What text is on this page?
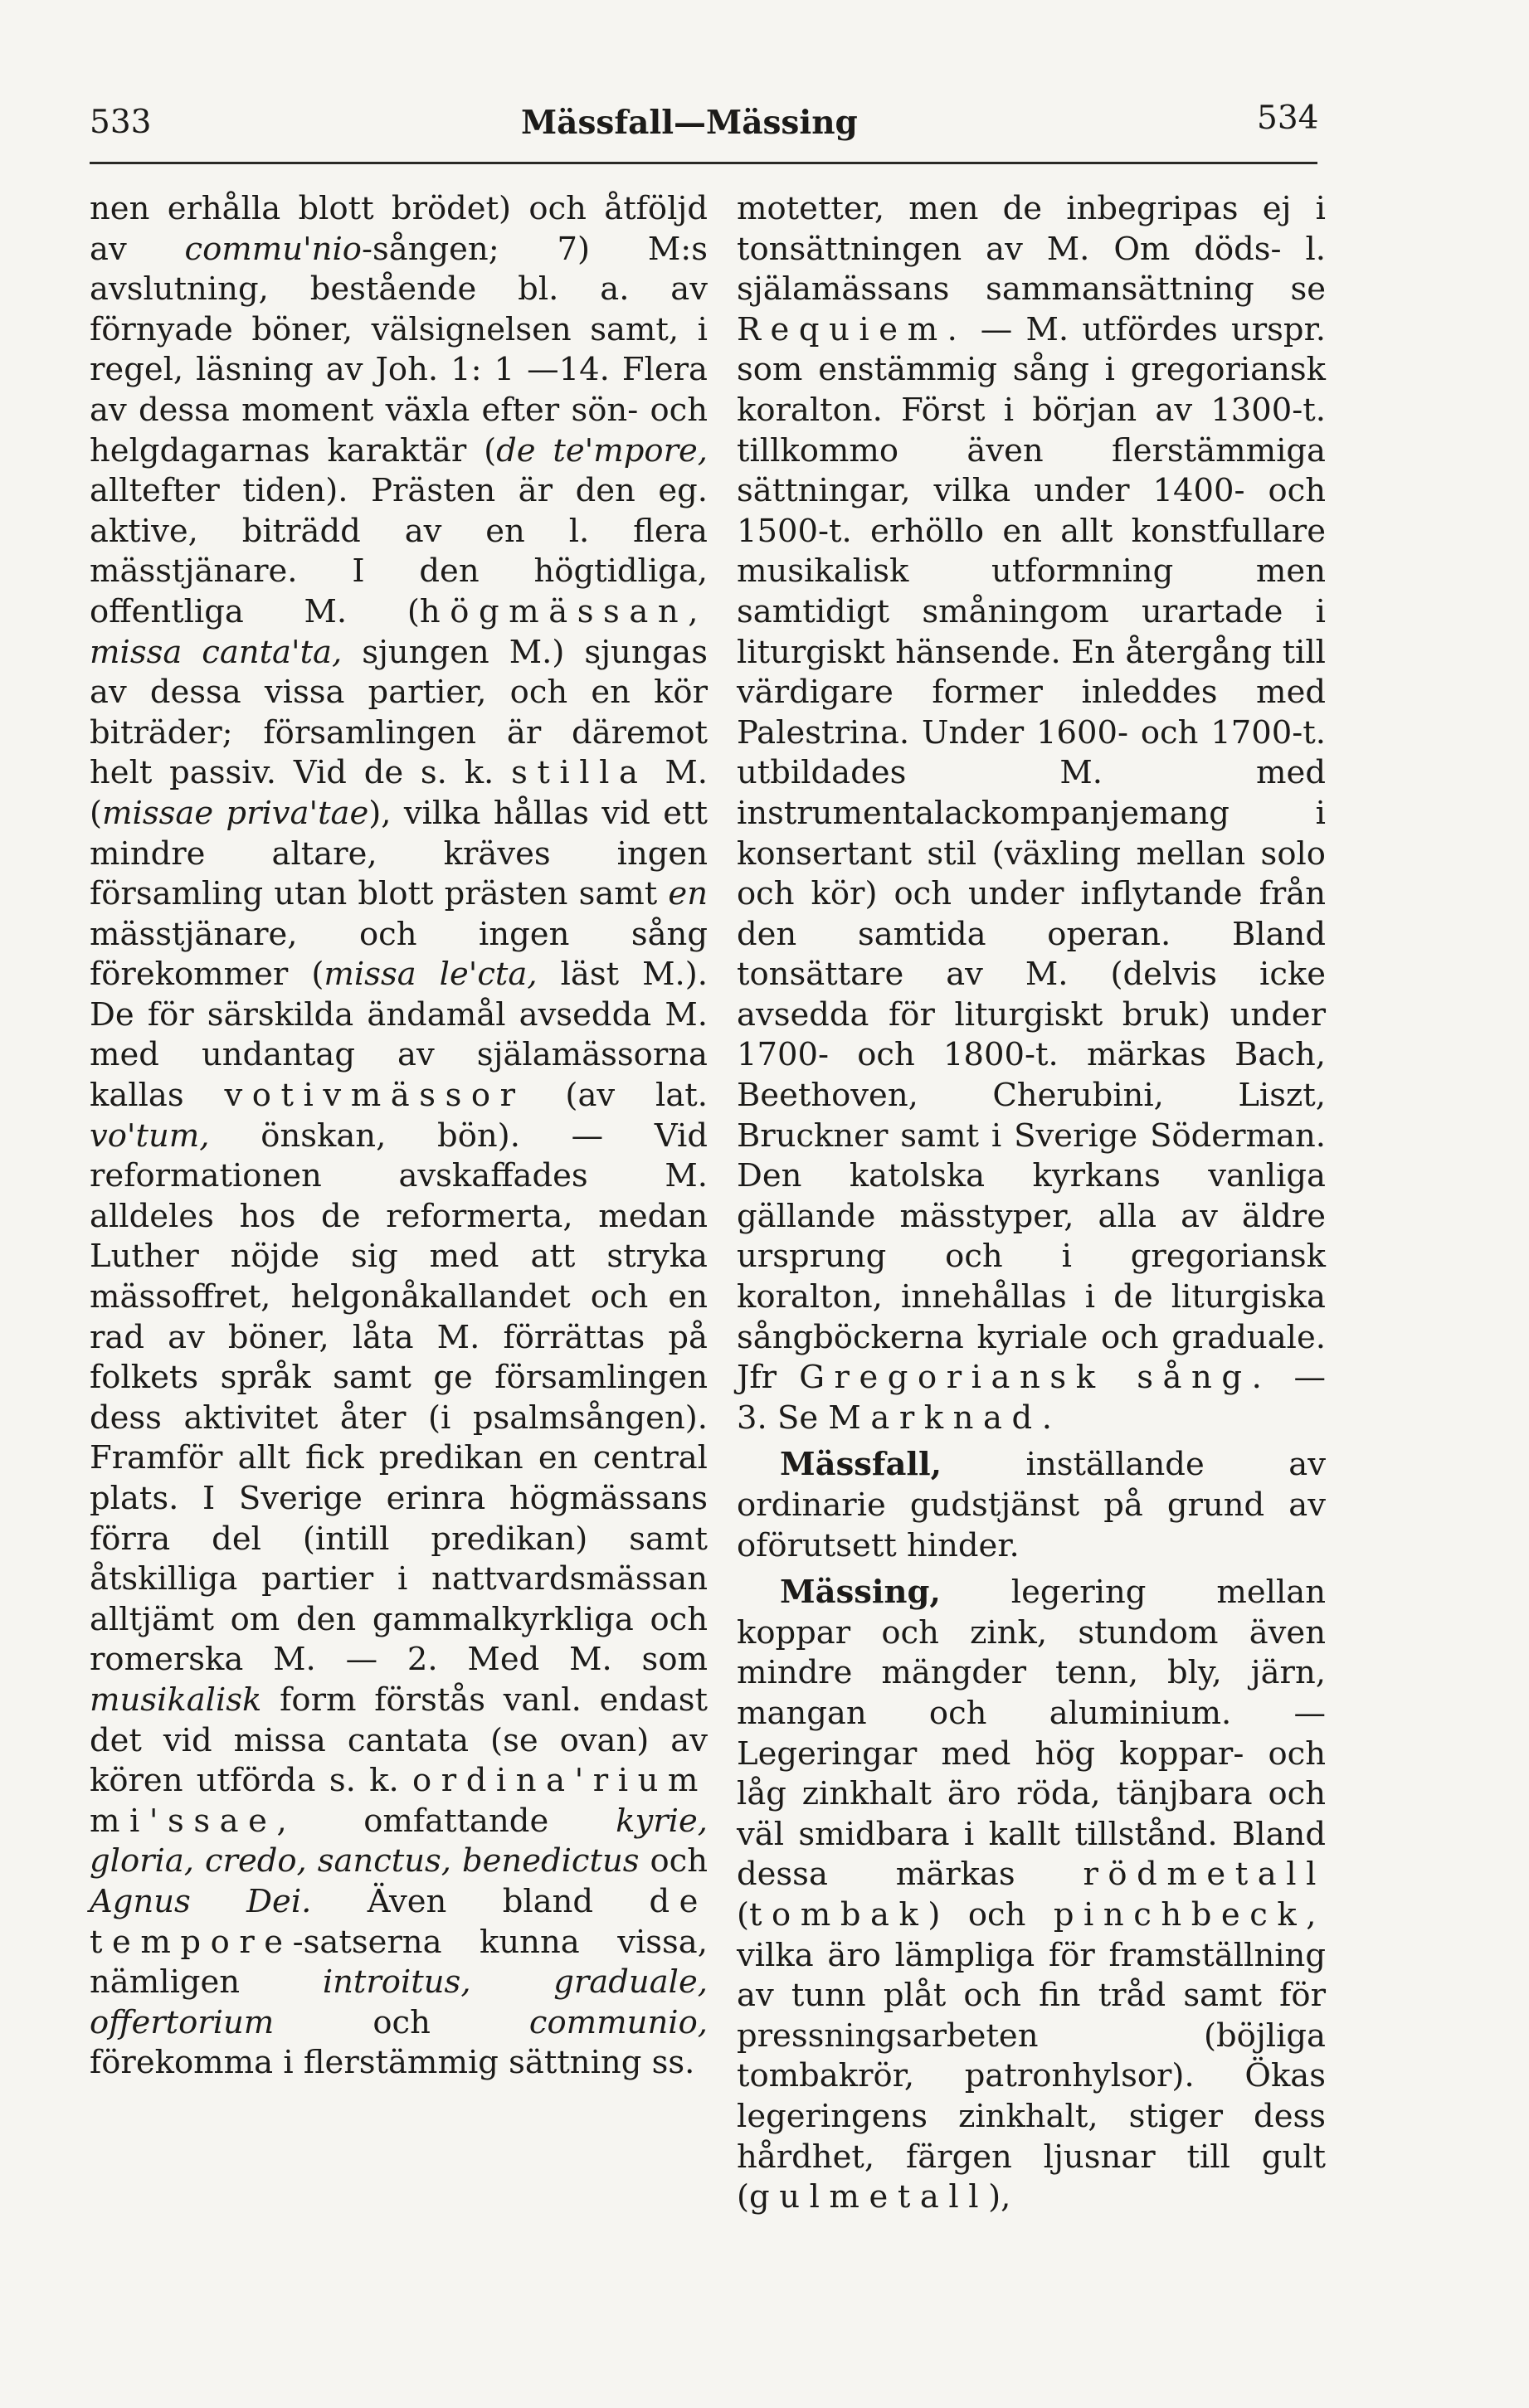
533	Mässfall—Mässing	534

nen erhålla blott brödet) och åtföljd av commu'nio-sången; 7) M:s avslutning, bestående bl. a. av förnyade böner, välsignelsen samt, i regel, läsning av Joh. 1: 1 —14. Flera av dessa moment växla efter sön- och helgdagarnas karaktär (de te'mpore, alltefter tiden). Prästen är den eg. aktive, biträdd av en l. flera mässtjänare. I den högtidliga, offentliga M. (högmässan, missa canta'ta, sjungen M.) sjungas av dessa vissa partier, och en kör biträder; församlingen är däremot helt passiv. Vid de s. k. stilla M. (missae priva'tae), vilka hållas vid ett mindre altare, kräves ingen församling utan blott prästen samt en mässtjänare, och ingen sång förekommer (missa le'cta, läst M.). De för särskilda ändamål avsedda M. med undantag av själamässorna kallas votivmässor (av lat. vo'tum, önskan, bön). — Vid reformationen avskaffades M. alldeles hos de reformerta, medan Luther nöjde sig med att stryka mässoffret, helgonåkallandet och en rad av böner, låta M. förrättas på folkets språk samt ge församlingen dess aktivitet åter (i psalmsången). Framför allt fick predikan en central plats. I Sverige erinra högmässans förra del (intill predikan) samt åtskilliga partier i nattvardsmässan alltjämt om den gammalkyrkliga och romerska M. — 2. Med M. som musikalisk form förstås vanl. endast det vid missa cantata (se ovan) av kören utförda s. k. ordina'rium mi'ssae, omfattande kyrie, gloria, credo, sanctus, benedictus och Agnus Dei. Även bland de tempore-satserna kunna vissa, nämligen introitus, graduale, offertorium och communio, förekomma i flerstämmig sättning ss.

motetter, men de inbegripas ej i tonsättningen av M. Om döds- l. själamässans sammansättning se Requiem. — M. utfördes urspr. som enstämmig sång i gregoriansk koralton. Först i början av 1300-t. tillkommo även flerstämmiga sättningar, vilka under 1400- och 1500-t. erhöllo en allt konstfullare musikalisk utformning men samtidigt småningom urartade i liturgiskt hänsende. En återgång till värdigare former inleddes med Palestrina. Under 1600- och 1700-t. utbildades M. med instrumentalackompanjemang i konsertant stil (växling mellan solo och kör) och under inflytande från den samtida operan. Bland tonsättare av M. (delvis icke avsedda för liturgiskt bruk) under 1700- och 1800-t. märkas Bach, Beethoven, Cherubini, Liszt, Bruckner samt i Sverige Söderman. Den katolska kyrkans vanliga gällande mässtyper, alla av äldre ursprung och i gregoriansk koralton, innehållas i de liturgiska sångböckerna kyriale och graduale. Jfr Gregoriansk sång. — 3. Se Marknad.

Mässfall, inställande av ordinarie gudstjänst på grund av oförutsett hinder.

Mässing, legering mellan koppar och zink, stundom även mindre mängder tenn, bly, järn, mangan och aluminium. — Legeringar med hög koppar- och låg zinkhalt äro röda, tänjbara och väl smidbara i kallt tillstånd. Bland dessa märkas rödmetall (tombak) och pinchbeck, vilka äro lämpliga för framställning av tunn plåt och fin tråd samt för pressningsarbeten (böjliga tombakrör, patronhylsor). Ökas legeringens zinkhalt, stiger dess hårdhet, färgen ljusnar till gult (gulmetall),
